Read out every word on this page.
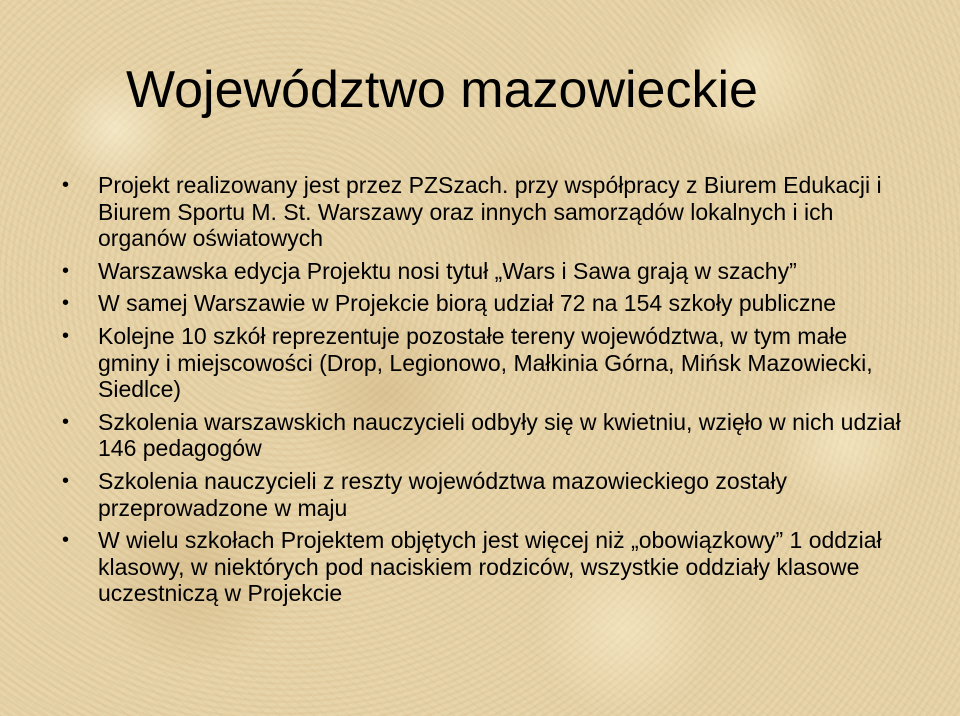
Województwo mazowieckie
• Projekt realizowany jest przez PZSzach. przy współpracy z Biurem Edukacji i Biurem Sportu M. St. Warszawy oraz innych samorządów lokalnych i ich organów oświatowych
• Warszawska edycja Projektu nosi tytuł „Wars i Sawa grają w szachy”
• W samej Warszawie w Projekcie biorą udział 72 na 154 szkoły publiczne
• Kolejne 10 szkół reprezentuje pozostałe tereny województwa, w tym małe gminy i miejscowości (Drop, Legionowo, Małkinia Górna, Mińsk Mazowiecki, Siedlce)
• Szkolenia warszawskich nauczycieli odbyły się w kwietniu, wzięło w nich udział 146 pedagogów
• Szkolenia nauczycieli z reszty województwa mazowieckiego zostały przeprowadzone w maju
• W wielu szkołach Projektem objętych jest więcej niż „obowiązkowy” 1 oddział klasowy, w niektórych pod naciskiem rodziców, wszystkie oddziały klasowe uczestniczą w Projekcie
